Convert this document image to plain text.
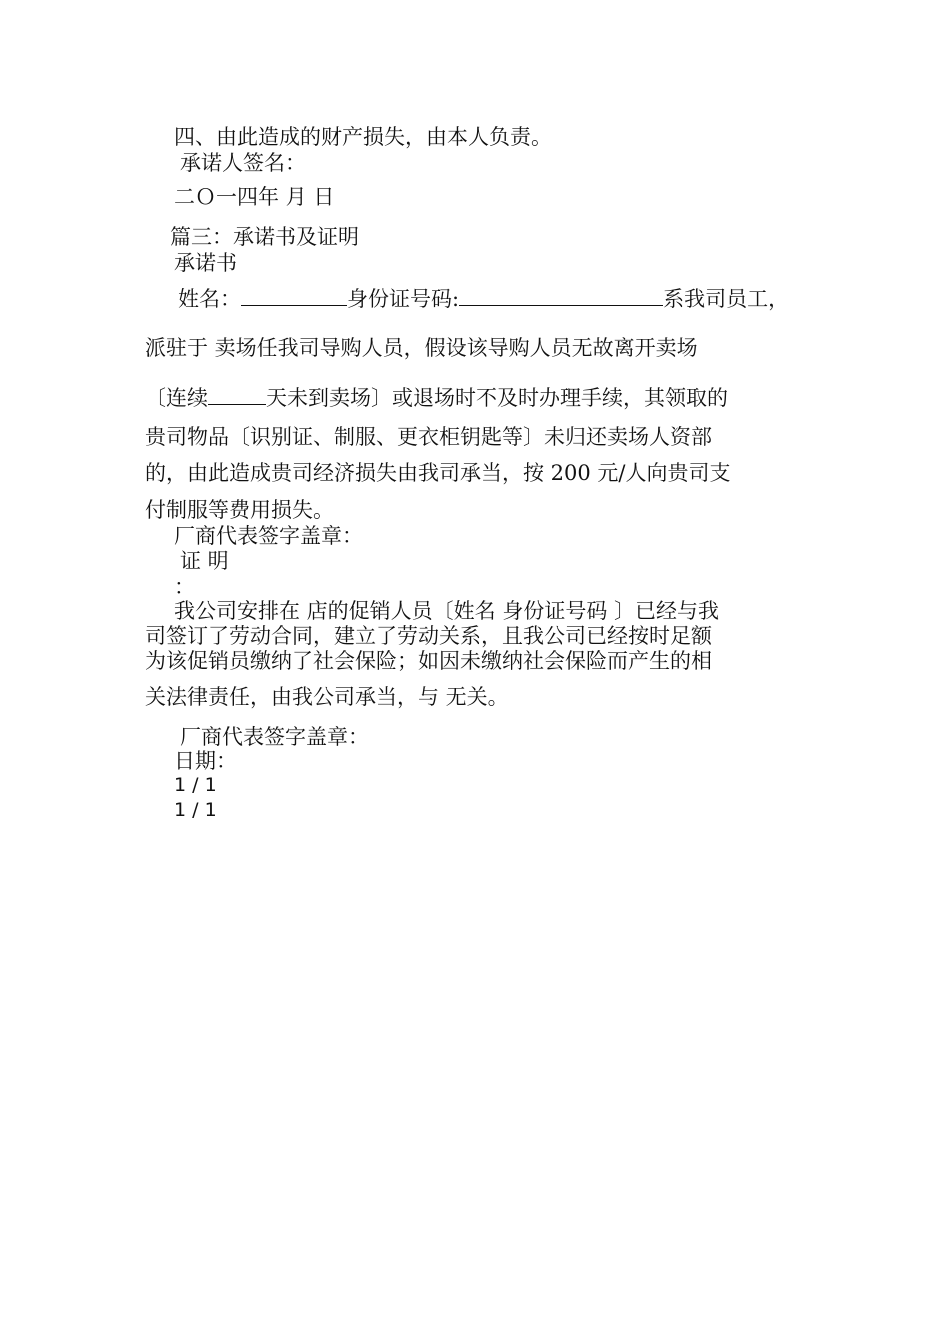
四、由此造成的财产损失，由本人负责。
承诺人签名：
二Ｏ一四年 月 日
篇三：承诺书及证明
承诺书
姓名：	身份证号码:	系我司员工，
派驻于 卖场任我司导购人员，假设该导购人员无故离开卖场
〔连续	天未到卖场〕或退场时不及时办理手续，其领取的
贵司物品〔识别证、制服、更衣柜钥匙等〕未归还卖场人资部
的，由此造成贵司经济损失由我司承当，按 200 元/人向贵司支
付制服等费用损失。
厂商代表签字盖章：
证 明
：
我公司安排在 店的促销人员〔姓名 身份证号码 〕已经与我
司签订了劳动合同，建立了劳动关系，且我公司已经按时足额
为该促销员缴纳了社会保险；如因未缴纳社会保险而产生的相
关法律责任，由我公司承当，与 无关。
厂商代表签字盖章：
日期：
1 / 1
1 / 1
